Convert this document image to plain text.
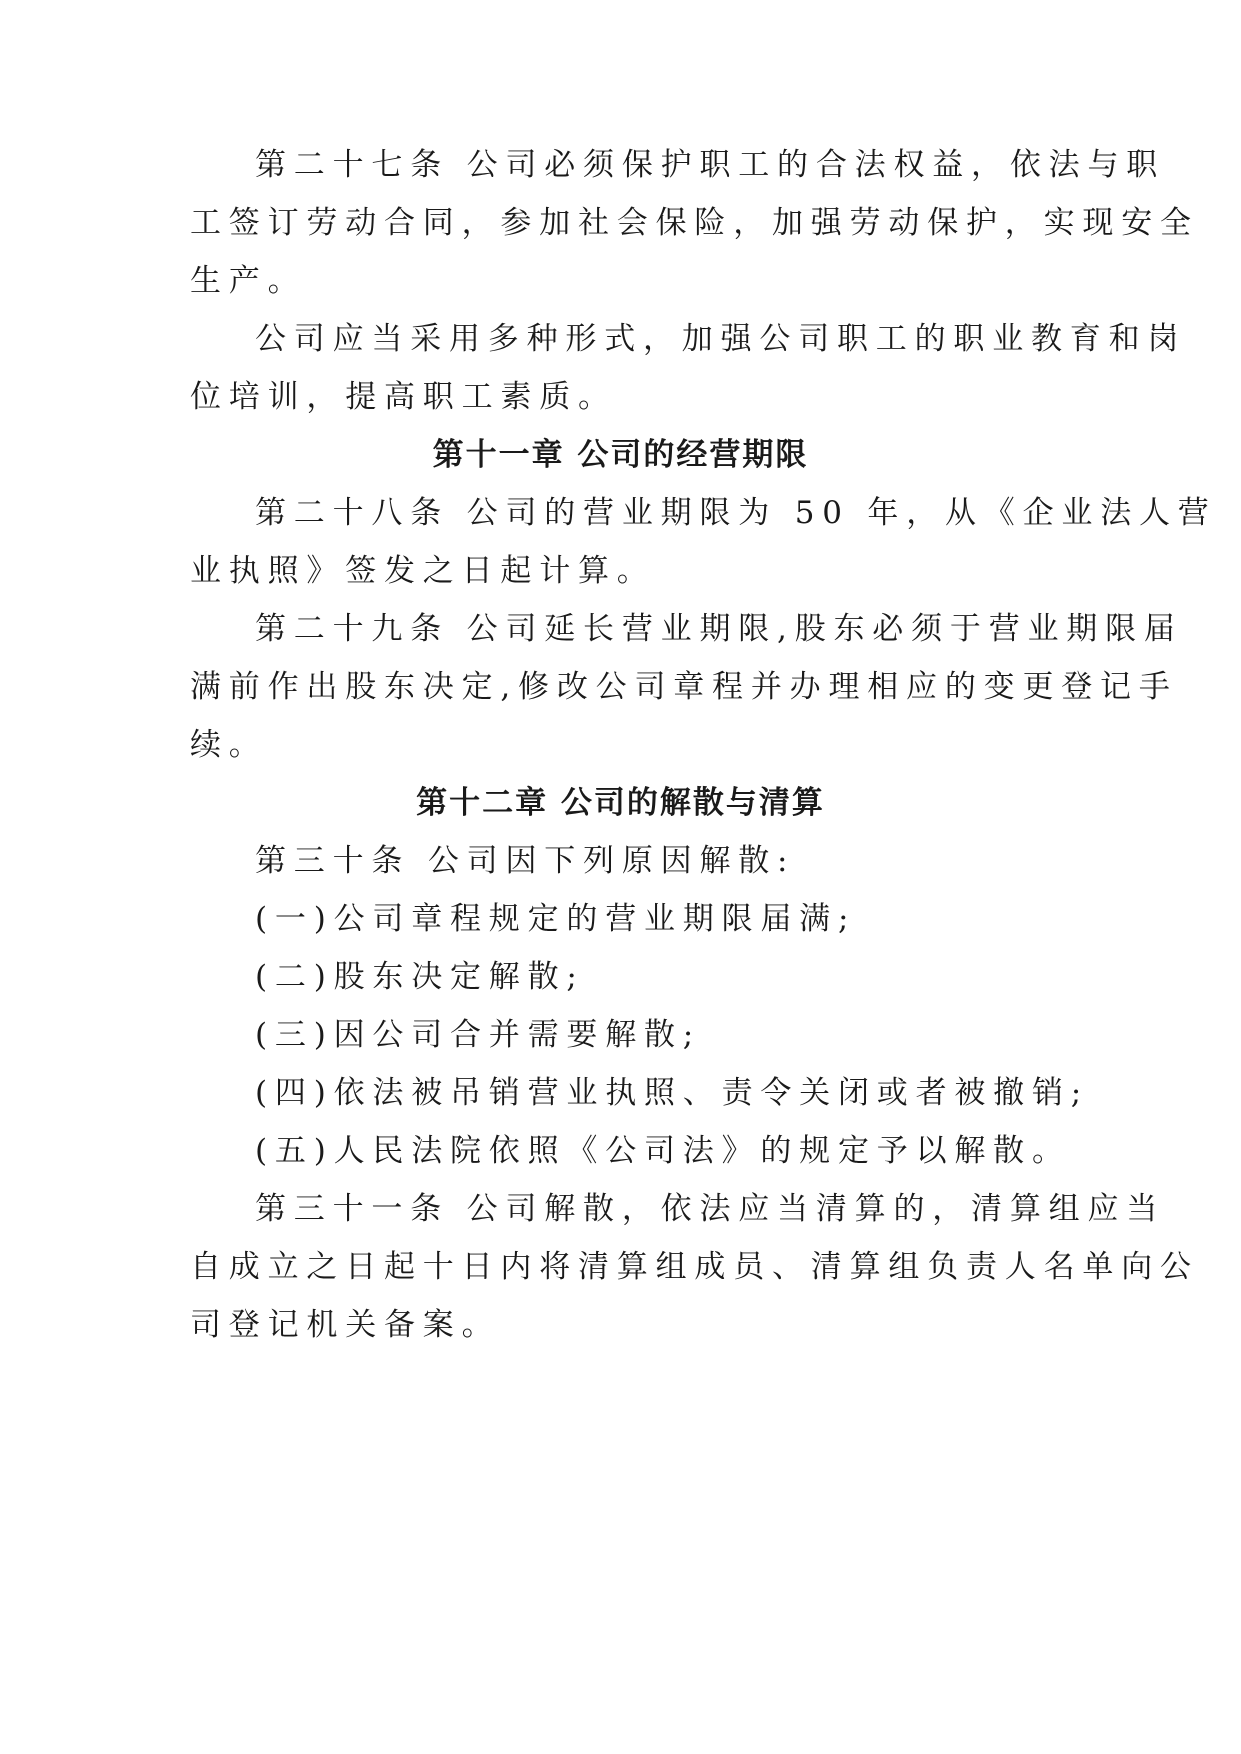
第二十七条 公司必须保护职工的合法权益，依法与职
工签订劳动合同，参加社会保险，加强劳动保护，实现安全
生产。
公司应当采用多种形式，加强公司职工的职业教育和岗
位培训，提高职工素质。
第十一章 公司的经营期限
第二十八条 公司的营业期限为 50 年，从《企业法人营
业执照》签发之日起计算。
第二十九条 公司延长营业期限,股东必须于营业期限届
满前作出股东决定,修改公司章程并办理相应的变更登记手
续。
第十二章 公司的解散与清算
第三十条 公司因下列原因解散:
(一)公司章程规定的营业期限届满;
(二)股东决定解散;
(三)因公司合并需要解散;
(四)依法被吊销营业执照、责令关闭或者被撤销;
(五)人民法院依照《公司法》的规定予以解散。
第三十一条 公司解散，依法应当清算的，清算组应当
自成立之日起十日内将清算组成员、清算组负责人名单向公
司登记机关备案。
